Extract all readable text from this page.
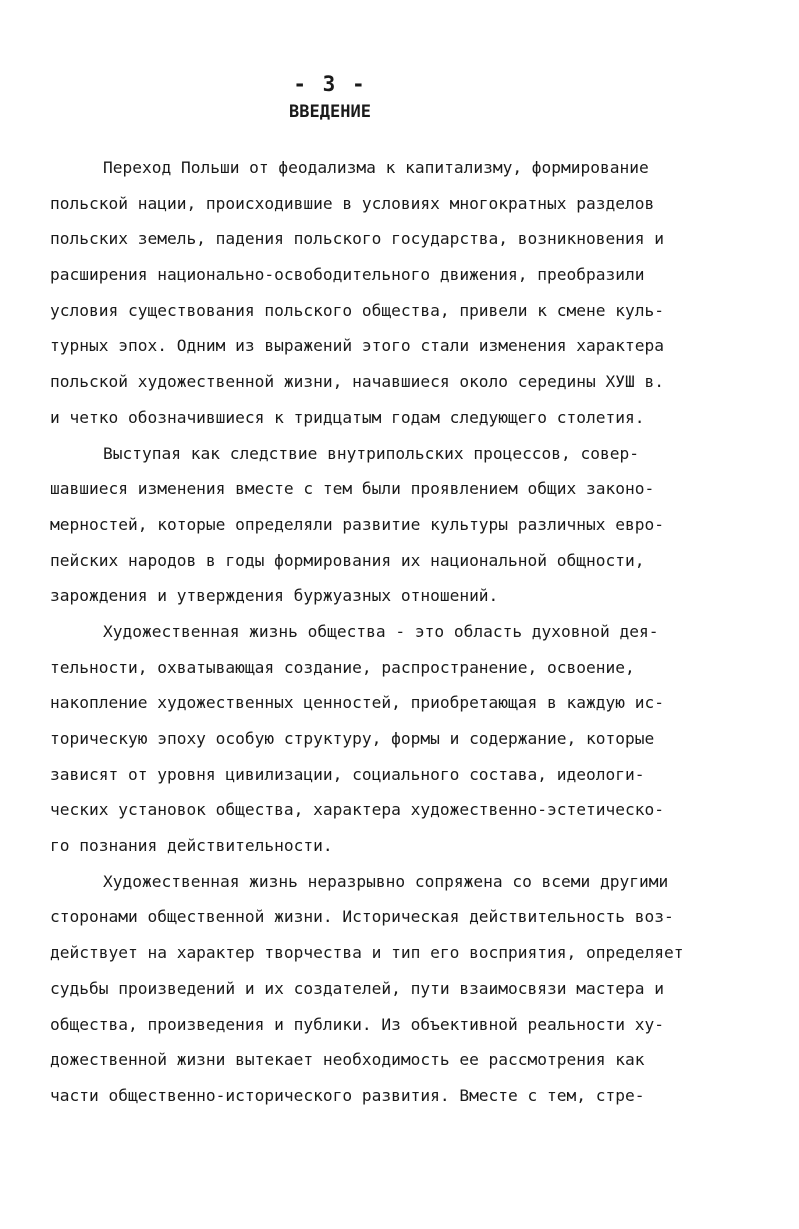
- 3 -
ВВЕДЕНИЕ
Переход Польши от феодализма к капитализму, формирование
польской нации, происходившие в условиях многократных разделов
польских земель, падения польского государства, возникновения и
расширения национально-освободительного движения, преобразили
условия существования польского общества, привели к смене куль-
турных эпох. Одним из выражений этого стали изменения характера
польской художественной жизни, начавшиеся около середины ХУШ в.
и четко обозначившиеся к тридцатым годам следующего столетия.
Выступая как следствие внутрипольских процессов, совер-
шавшиеся изменения вместе с тем были проявлением общих законо-
мерностей, которые определяли развитие культуры различных евро-
пейских народов в годы формирования их национальной общности,
зарождения и утверждения буржуазных отношений.
Художественная жизнь общества - это область духовной дея-
тельности, охватывающая создание, распространение, освоение,
накопление художественных ценностей, приобретающая в каждую ис-
торическую эпоху особую структуру, формы и содержание, которые
зависят от уровня цивилизации, социального состава, идеологи-
ческих установок общества, характера художественно-эстетическо-
го познания действительности.
Художественная жизнь неразрывно сопряжена со всеми другими
сторонами общественной жизни. Историческая действительность воз-
действует на характер творчества и тип его восприятия, определяет
судьбы произведений и их создателей, пути взаимосвязи мастера и
общества, произведения и публики. Из объективной реальности ху-
дожественной жизни вытекает необходимость ее рассмотрения как
части общественно-исторического развития. Вместе с тем, стре-
